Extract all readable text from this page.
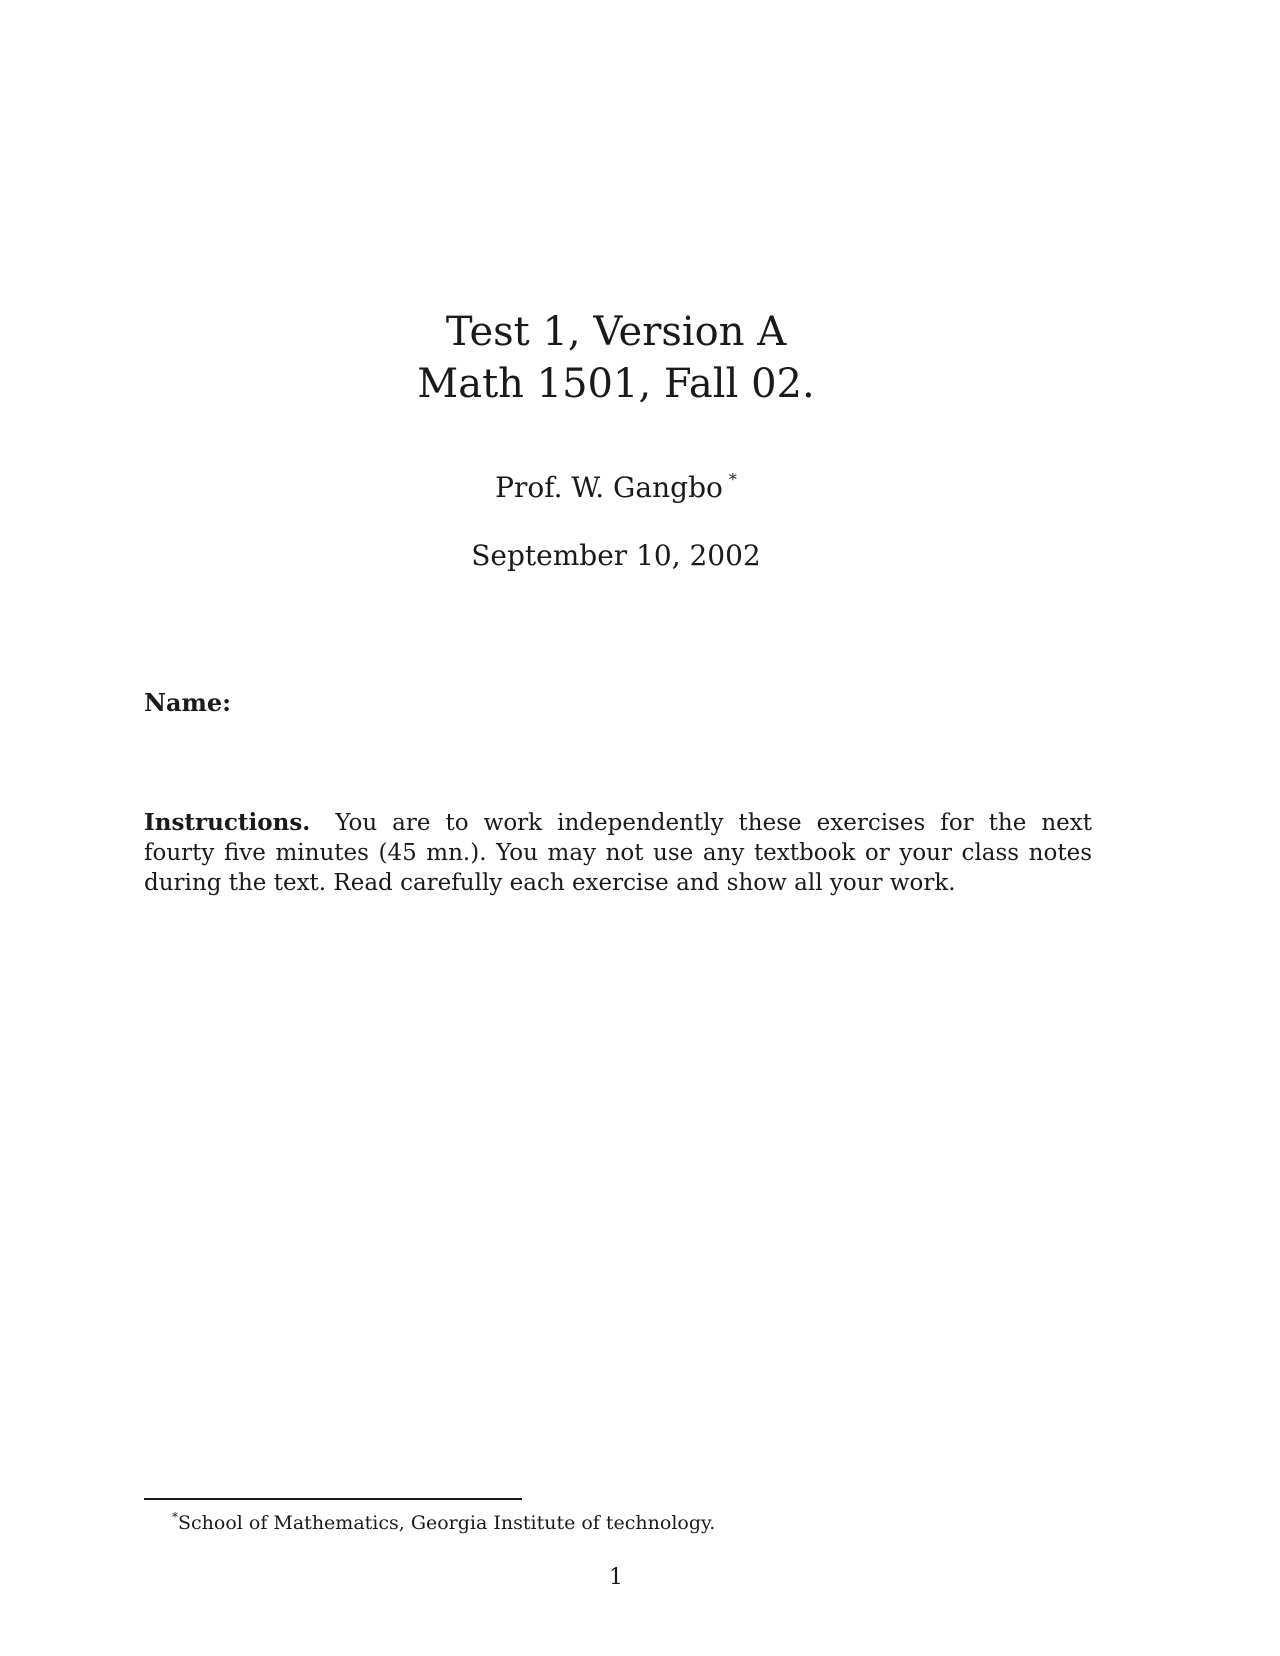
Test 1, Version A
Math 1501, Fall 02.
Prof. W. Gangbo *
September 10, 2002
Name:
Instructions. You are to work independently these exercises for the next fourty five minutes (45 mn.). You may not use any textbook or your class notes during the text. Read carefully each exercise and show all your work.
*School of Mathematics, Georgia Institute of technology.
1
